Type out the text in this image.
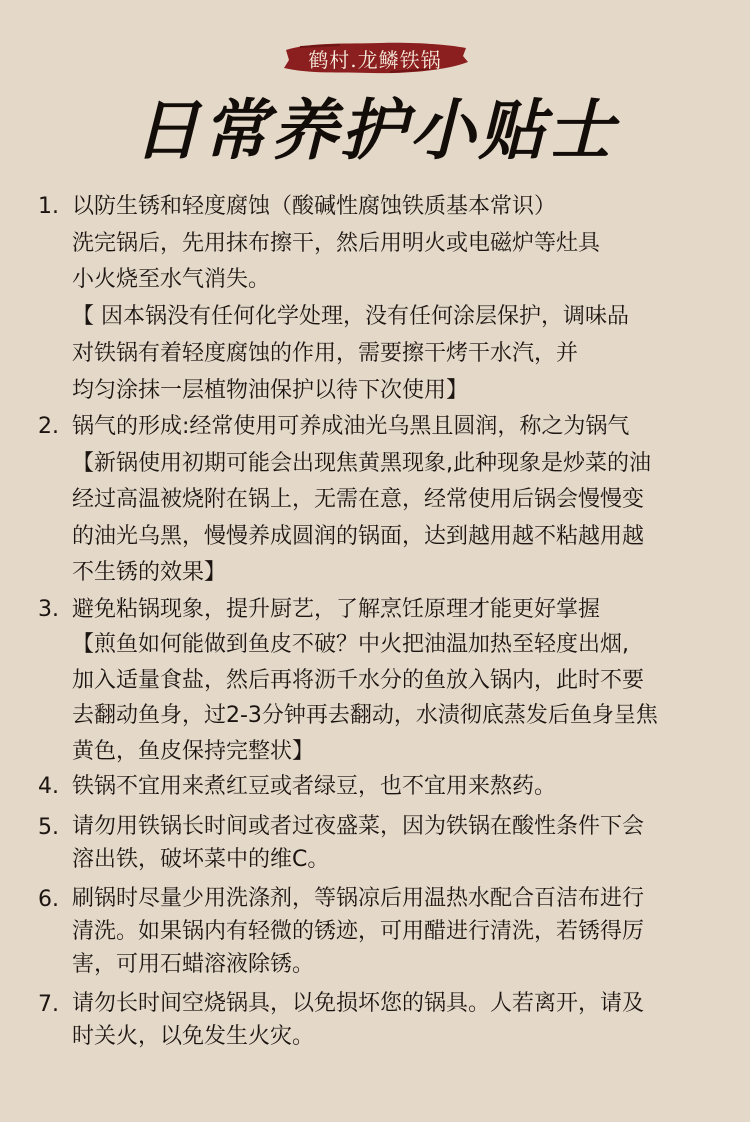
鹤村.龙鳞铁锅
日常养护小贴士
1. 以防生锈和轻度腐蚀（酸碱性腐蚀铁质基本常识）
洗完锅后，先用抹布擦干，然后用明火或电磁炉等灶具
小火烧至水气消失。
【 因本锅没有任何化学处理，没有任何涂层保护，调味品
对铁锅有着轻度腐蚀的作用，需要擦干烤干水汽，并
均匀涂抹一层植物油保护以待下次使用】
2. 锅气的形成:经常使用可养成油光乌黑且圆润，称之为锅气
【新锅使用初期可能会出现焦黄黑现象,此种现象是炒菜的油
经过高温被烧附在锅上，无需在意，经常使用后锅会慢慢变
的油光乌黑，慢慢养成圆润的锅面，达到越用越不粘越用越
不生锈的效果】
3. 避免粘锅现象，提升厨艺，了解烹饪原理才能更好掌握
【煎鱼如何能做到鱼皮不破？中火把油温加热至轻度出烟,
加入适量食盐，然后再将沥千水分的鱼放入锅内，此时不要
去翻动鱼身，过2-3分钟再去翻动，水渍彻底蒸发后鱼身呈焦
黄色，鱼皮保持完整状】
4. 铁锅不宜用来煮红豆或者绿豆，也不宜用来熬药。
5. 请勿用铁锅长时间或者过夜盛菜，因为铁锅在酸性条件下会
溶出铁，破坏菜中的维C。
6. 刷锅时尽量少用洗涤剂，等锅凉后用温热水配合百洁布进行
清洗。如果锅内有轻微的锈迹，可用醋进行清洗，若锈得厉
害，可用石蜡溶液除锈。
7. 请勿长时间空烧锅具，以免损坏您的锅具。人若离开，请及
时关火，以免发生火灾。
